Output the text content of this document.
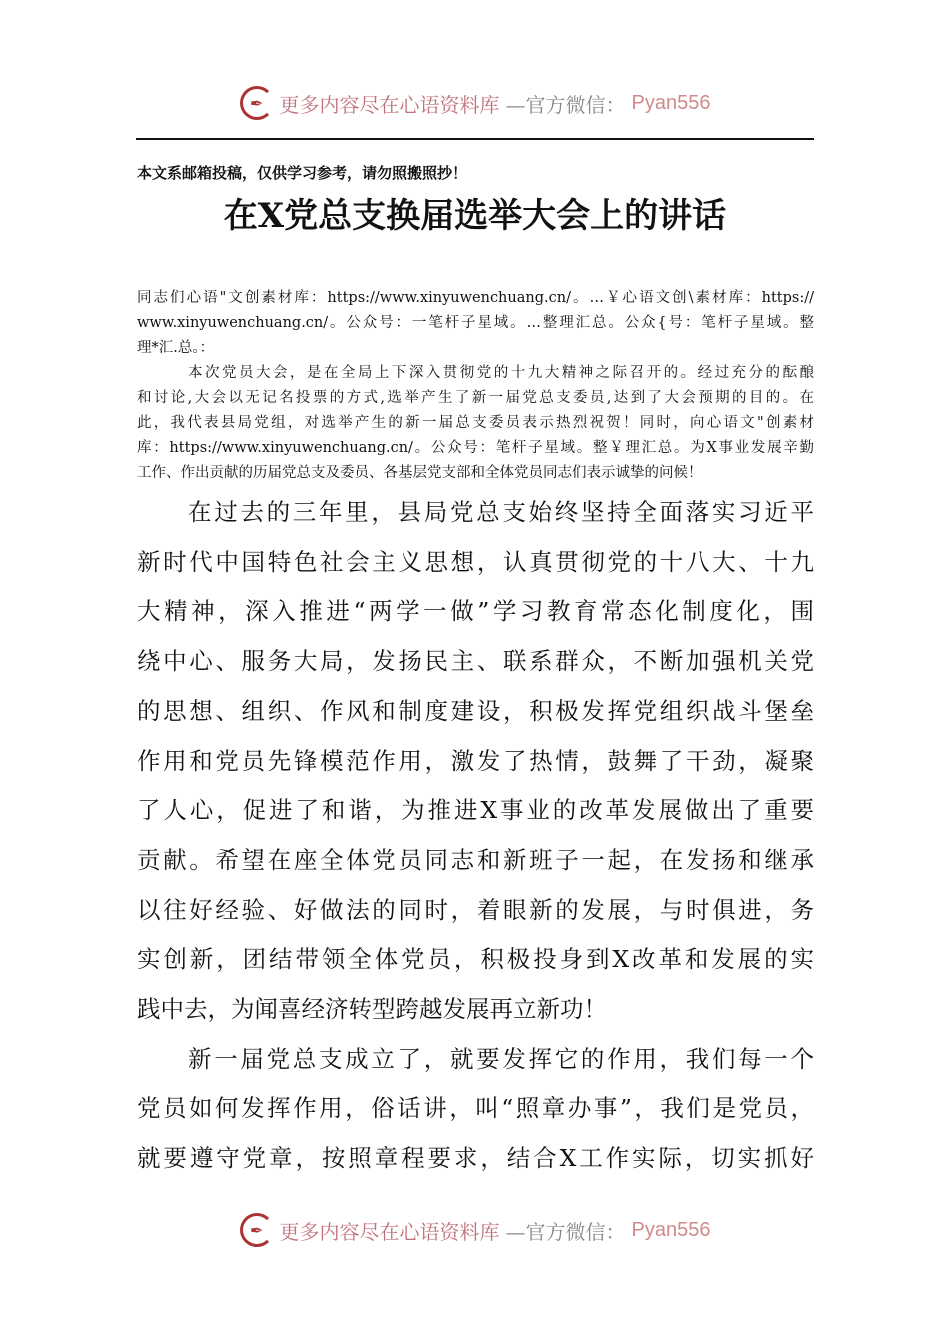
✒ 更多内容尽在心语资料库 —官方微信： Pyan556
本文系邮箱投稿，仅供学习参考，请勿照搬照抄！
在X党总支换届选举大会上的讲话
同志们心语"文创素材库：https://www.xinyuwenchuang.cn/。…￥心语文创\素材库：https://
www.xinyuwenchuang.cn/。公众号：一笔杆子星域。…整理汇总。公众{号：笔杆子星域。整
理*汇.总。：
本次党员大会，是在全局上下深入贯彻党的十九大精神之际召开的。经过充分的酝酿
和讨论,大会以无记名投票的方式,选举产生了新一届党总支委员,达到了大会预期的目的。在
此，我代表县局党组，对选举产生的新一届总支委员表示热烈祝贺！同时，向心语文"创素材
库：https://www.xinyuwenchuang.cn/。公众号：笔杆子星域。整￥理汇总。为X事业发展辛勤
工作、作出贡献的历届党总支及委员、各基层党支部和全体党员同志们表示诚挚的问候！
在过去的三年里，县局党总支始终坚持全面落实习近平
新时代中国特色社会主义思想，认真贯彻党的十八大、十九
大精神，深入推进“两学一做”学习教育常态化制度化，围
绕中心、服务大局，发扬民主、联系群众，不断加强机关党
的思想、组织、作风和制度建设，积极发挥党组织战斗堡垒
作用和党员先锋模范作用，激发了热情，鼓舞了干劲，凝聚
了人心，促进了和谐，为推进X事业的改革发展做出了重要
贡献。希望在座全体党员同志和新班子一起，在发扬和继承
以往好经验、好做法的同时，着眼新的发展，与时俱进，务
实创新，团结带领全体党员，积极投身到X改革和发展的实
践中去，为闻喜经济转型跨越发展再立新功！
新一届党总支成立了，就要发挥它的作用，我们每一个
党员如何发挥作用，俗话讲，叫“照章办事”，我们是党员，
就要遵守党章，按照章程要求，结合X工作实际，切实抓好
✒ 更多内容尽在心语资料库 —官方微信： Pyan556
